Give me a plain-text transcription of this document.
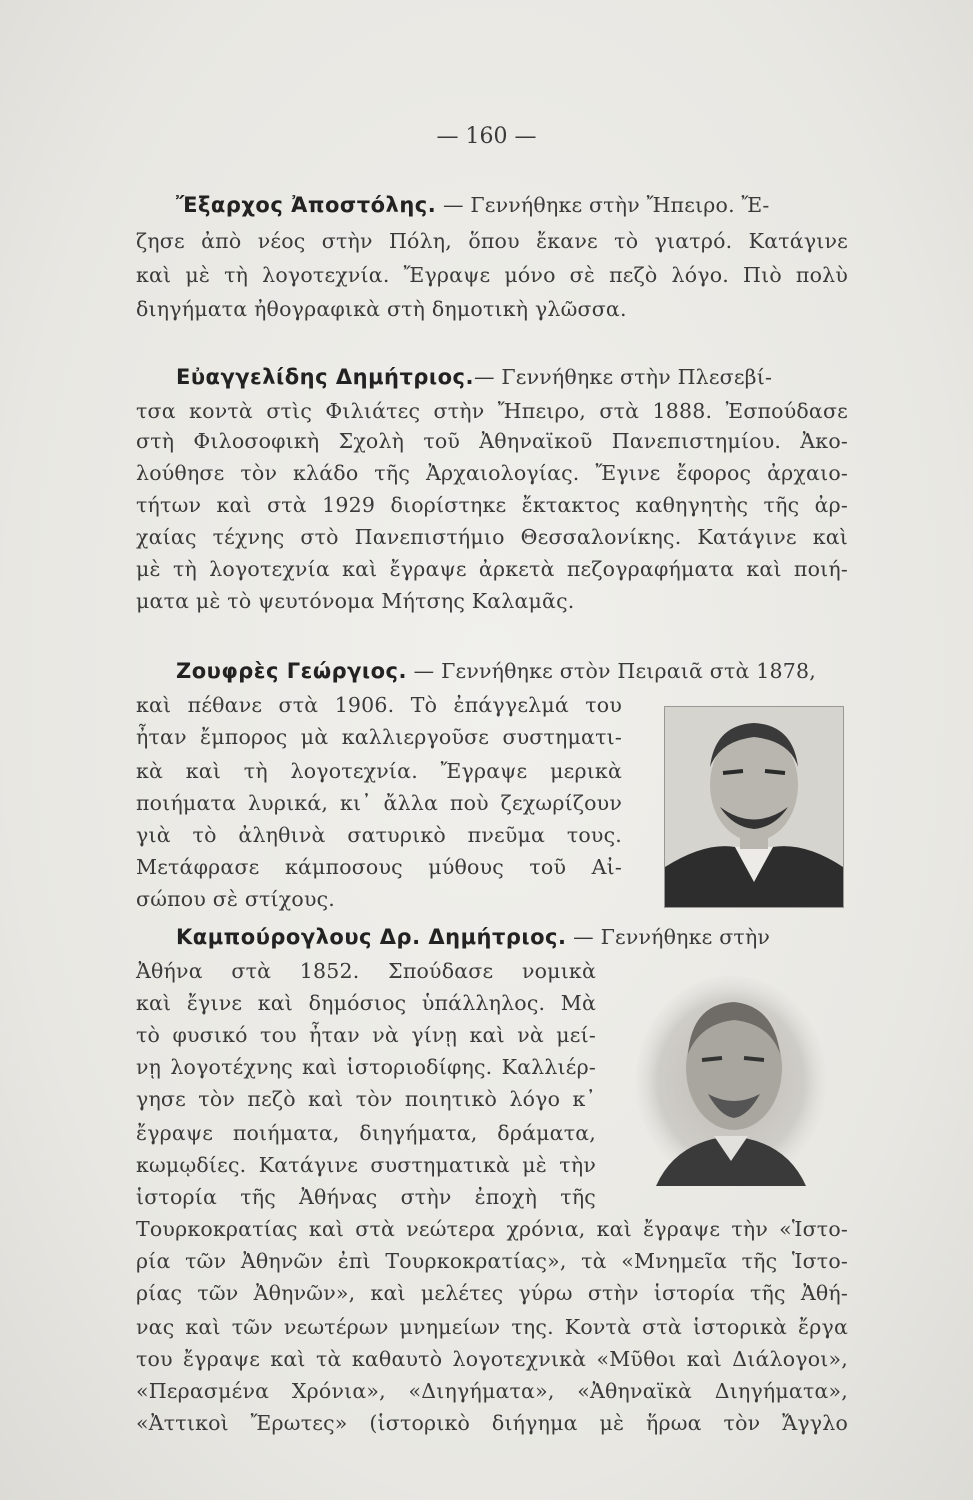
— 160 —
Ἔξαρχος Ἀποστόλης. — Γεννήθηκε στὴν Ἤπειρο. Ἔ-
ζησε ἀπὸ νέος στὴν Πόλη, ὅπου ἔκανε τὸ γιατρό. Κατάγινε
καὶ μὲ τὴ λογοτεχνία. Ἔγραψε μόνο σὲ πεζὸ λόγο. Πιὸ πολὺ
διηγήματα ἠθογραφικὰ στὴ δημοτικὴ γλῶσσα.
Εὐαγγελίδης Δημήτριος.— Γεννήθηκε στὴν Πλεσεβί-
τσα κοντὰ στὶς Φιλιάτες στὴν Ἤπειρο, στὰ 1888. Ἐσπούδασε
στὴ Φιλοσοφικὴ Σχολὴ τοῦ Ἀθηναϊκοῦ Πανεπιστημίου. Ἀκο-
λούθησε τὸν κλάδο τῆς Ἀρχαιολογίας. Ἔγινε ἔφορος ἀρχαιο-
τήτων καὶ στὰ 1929 διορίστηκε ἔκτακτος καθηγητὴς τῆς ἀρ-
χαίας τέχνης στὸ Πανεπιστήμιο Θεσσαλονίκης. Κατάγινε καὶ
μὲ τὴ λογοτεχνία καὶ ἔγραψε ἀρκετὰ πεζογραφήματα καὶ ποιή-
ματα μὲ τὸ ψευτόνομα Μήτσης Καλαμᾶς.
Ζουφρὲς Γεώργιος. — Γεννήθηκε στὸν Πειραιᾶ στὰ 1878,
καὶ πέθανε στὰ 1906. Τὸ ἐπάγγελμά του
ἦταν ἔμπορος μὰ καλλιεργοῦσε συστηματι-
κὰ καὶ τὴ λογοτεχνία. Ἔγραψε μερικὰ
ποιήματα λυρικά, κι᾽ ἄλλα ποὺ ζεχωρίζουν
γιὰ τὸ ἀληθινὰ σατυρικὸ πνεῦμα τους.
Μετάφρασε κάμποσους μύθους τοῦ Αἰ-
σώπου σὲ στίχους.
Καμπούρογλους Δρ. Δημήτριος. — Γεννήθηκε στὴν
Ἀθήνα στὰ 1852. Σπούδασε νομικὰ
καὶ ἔγινε καὶ δημόσιος ὑπάλληλος. Μὰ
τὸ φυσικό του ἦταν νὰ γίνῃ καὶ νὰ μεί-
νῃ λογοτέχνης καὶ ἱστοριοδίφης. Καλλιέρ-
γησε τὸν πεζὸ καὶ τὸν ποιητικὸ λόγο κ᾽
ἔγραψε ποιήματα, διηγήματα, δράματα,
κωμῳδίες. Κατάγινε συστηματικὰ μὲ τὴν
ἱστορία τῆς Ἀθήνας στὴν ἐποχὴ τῆς
Τουρκοκρατίας καὶ στὰ νεώτερα χρόνια, καὶ ἔγραψε τὴν «Ἱστο-
ρία τῶν Ἀθηνῶν ἐπὶ Τουρκοκρατίας», τὰ «Μνημεῖα τῆς Ἱστο-
ρίας τῶν Ἀθηνῶν», καὶ μελέτες γύρω στὴν ἱστορία τῆς Ἀθή-
νας καὶ τῶν νεωτέρων μνημείων της. Κοντὰ στὰ ἱστορικὰ ἔργα
του ἔγραψε καὶ τὰ καθαυτὸ λογοτεχνικὰ «Μῦθοι καὶ Διάλογοι»,
«Περασμένα Χρόνια», «Διηγήματα», «Ἀθηναϊκὰ Διηγήματα»,
«Ἀττικοὶ Ἔρωτες» (ἱστορικὸ διήγημα μὲ ἥρωα τὸν Ἄγγλο
